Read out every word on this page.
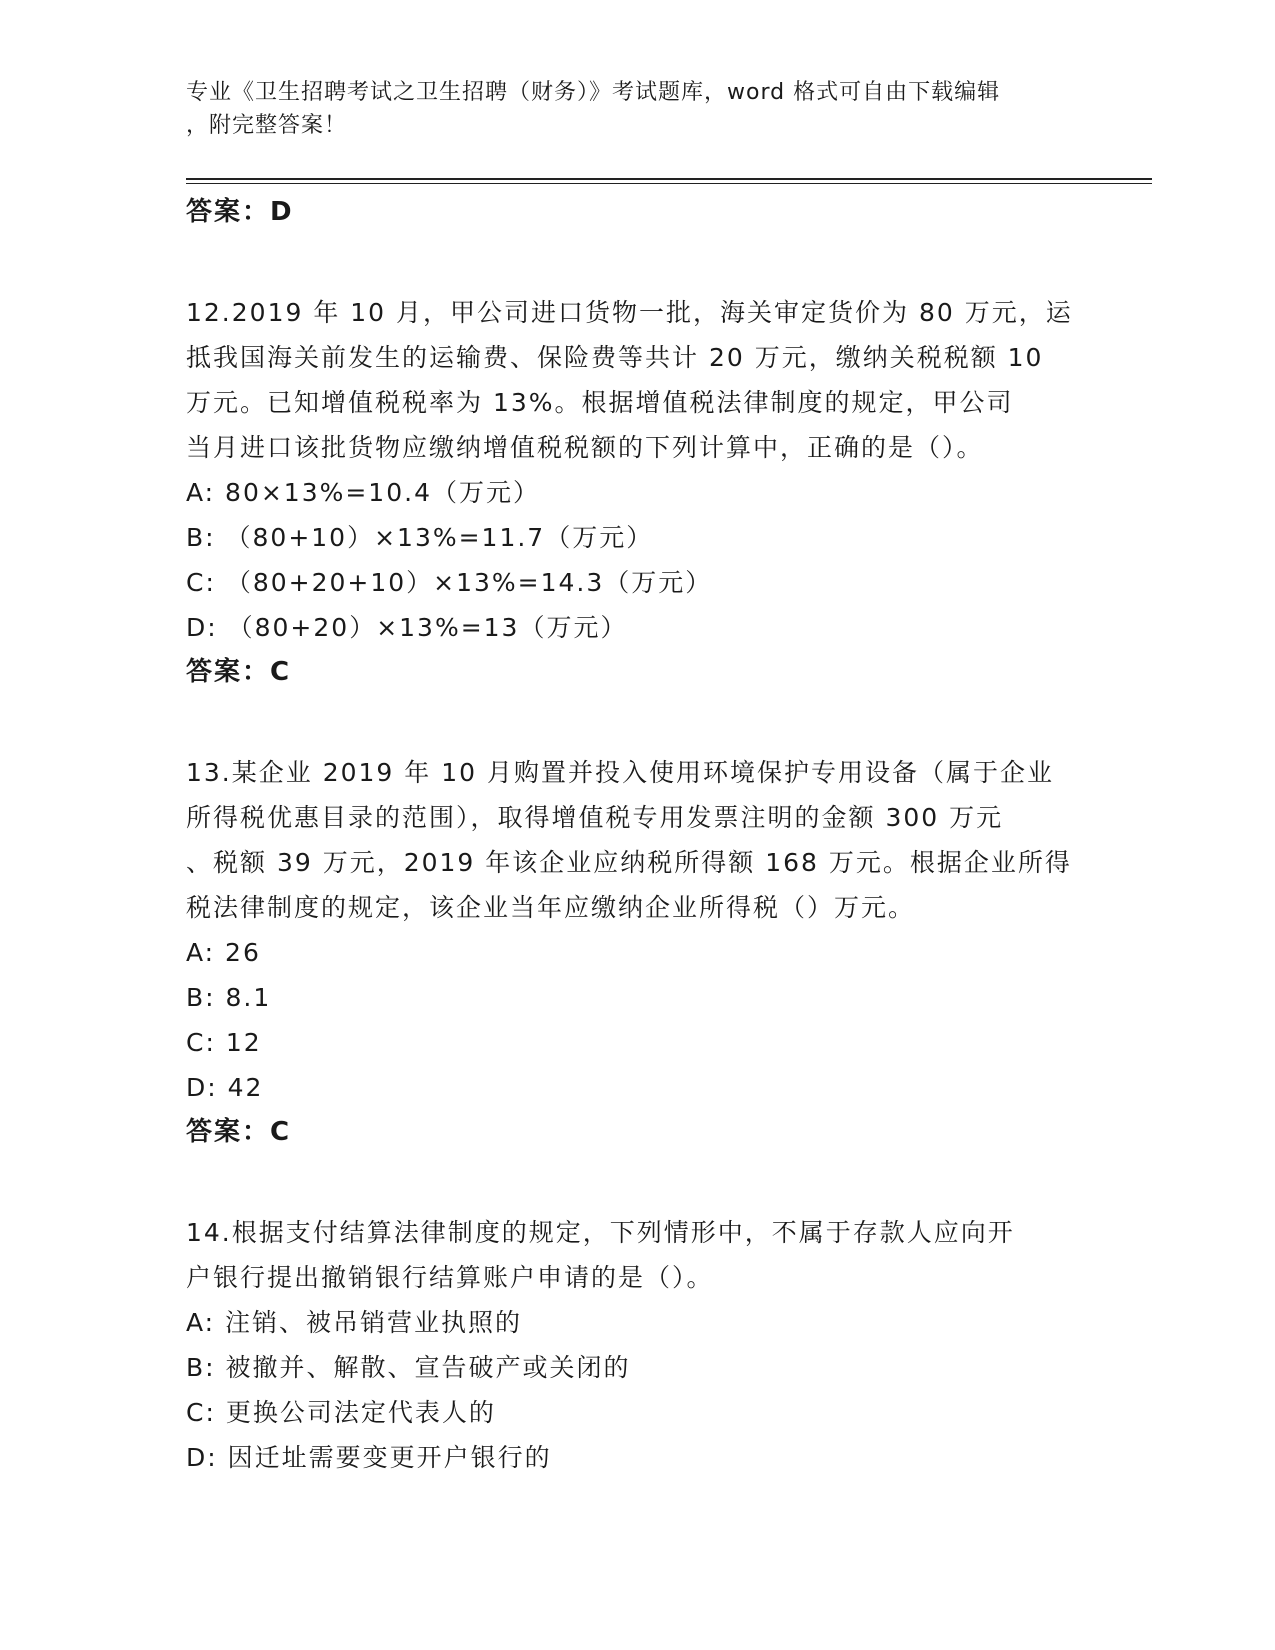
专业《卫生招聘考试之卫生招聘（财务）》考试题库，word 格式可自由下载编辑
，附完整答案！
答案：D
12.2019 年 10 月，甲公司进口货物一批，海关审定货价为 80 万元，运
抵我国海关前发生的运输费、保险费等共计 20 万元，缴纳关税税额 10
万元。已知增值税税率为 13%。根据增值税法律制度的规定，甲公司
当月进口该批货物应缴纳增值税税额的下列计算中，正确的是（）。
A: 80×13%=10.4（万元）
B: （80+10）×13%=11.7（万元）
C: （80+20+10）×13%=14.3（万元）
D: （80+20）×13%=13（万元）
答案：C
13.某企业 2019 年 10 月购置并投入使用环境保护专用设备（属于企业
所得税优惠目录的范围），取得增值税专用发票注明的金额 300 万元
、税额 39 万元，2019 年该企业应纳税所得额 168 万元。根据企业所得
税法律制度的规定，该企业当年应缴纳企业所得税（）万元。
A: 26
B: 8.1
C: 12
D: 42
答案：C
14.根据支付结算法律制度的规定，下列情形中，不属于存款人应向开
户银行提出撤销银行结算账户申请的是（）。
A: 注销、被吊销营业执照的
B: 被撤并、解散、宣告破产或关闭的
C: 更换公司法定代表人的
D: 因迁址需要变更开户银行的
